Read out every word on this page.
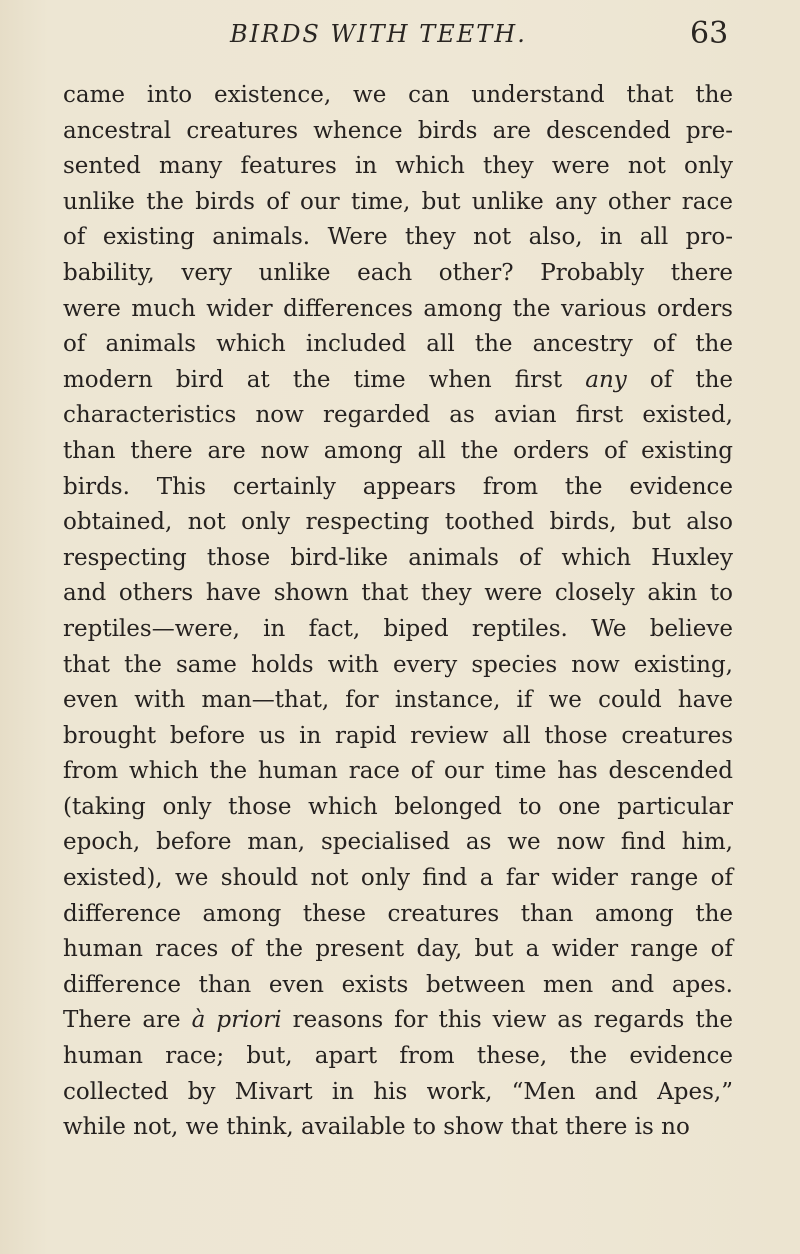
BIRDS WITH TEETH.	63
came into existence, we can understand that the
ancestral creatures whence birds are descended pre-
sented many features in which they were not only
unlike the birds of our time, but unlike any other race
of existing animals. Were they not also, in all pro-
bability, very unlike each other? Probably there
were much wider differences among the various orders
of animals which included all the ancestry of the
modern bird at the time when first any of the
characteristics now regarded as avian first existed,
than there are now among all the orders of existing
birds. This certainly appears from the evidence
obtained, not only respecting toothed birds, but also
respecting those bird-like animals of which Huxley
and others have shown that they were closely akin to
reptiles—were, in fact, biped reptiles. We believe
that the same holds with every species now existing,
even with man—that, for instance, if we could have
brought before us in rapid review all those creatures
from which the human race of our time has descended
(taking only those which belonged to one particular
epoch, before man, specialised as we now find him,
existed), we should not only find a far wider range of
difference among these creatures than among the
human races of the present day, but a wider range of
difference than even exists between men and apes.
There are à priori reasons for this view as regards the
human race; but, apart from these, the evidence
collected by Mivart in his work, “Men and Apes,”
while not, we think, available to show that there is no
